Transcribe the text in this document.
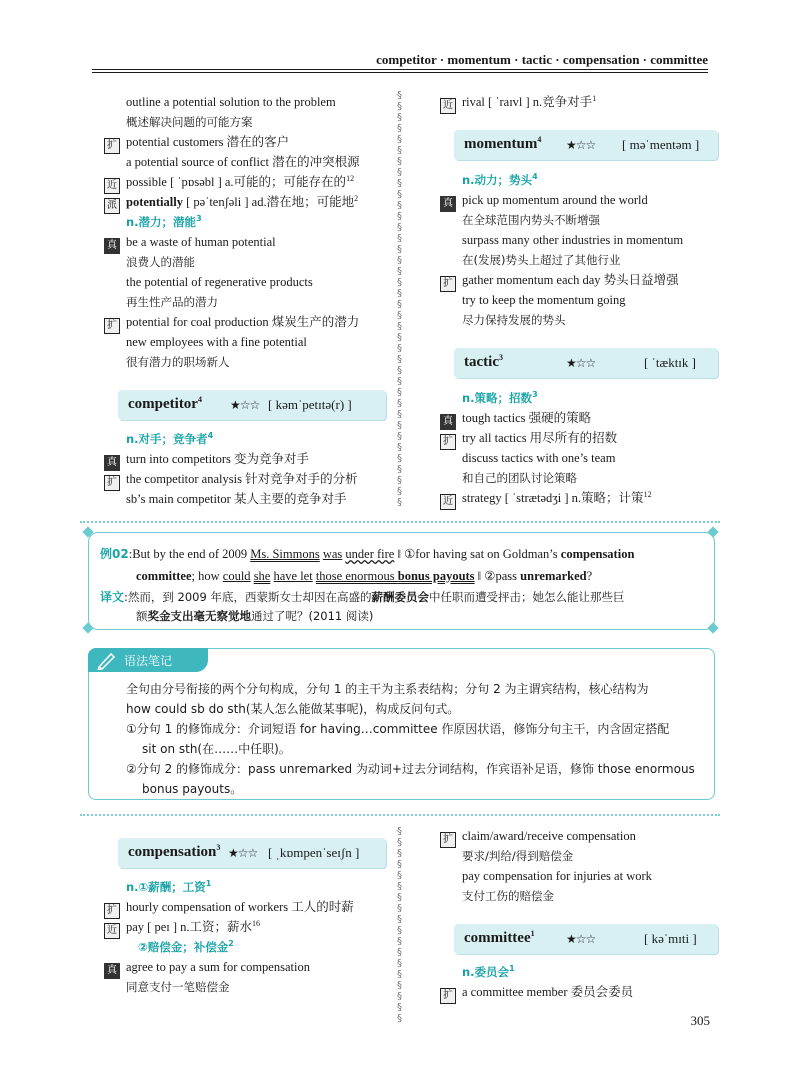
competitor · momentum · tactic · compensation · committee
§
§
§
§
§
§
§
§
§
§
§
§
§
§
§
§
§
§
§
§
§
§
§
§
§
§
§
§
§
§
§
§
§
§
§
§
§
§
§
§
§
§
§
§
§
§
§
§
§
§
§
§
§
§
§
§
outline a potential solution to the problem
概述解决问题的可能方案
扩 potential customers 潜在的客户
a potential source of conflict 潜在的冲突根源
近 possible [ ˈpɒsəbl ] a.可能的；可能存在的$^{12}$
派 potentially [ pəˈtenʃəli ] ad.潜在地；可能地$^2$
n.潜力；潜能$^3$
真 be a waste of human potential
浪费人的潜能
the potential of regenerative products
再生性产品的潜力
扩 potential for coal production 煤炭生产的潜力
new employees with a fine potential
很有潜力的职场新人
competitor$^4$ ★☆☆ [ kəmˈpetɪtə(r) ]
n.对手；竞争者$^4$
真 turn into competitors 变为竞争对手
扩 the competitor analysis 针对竞争对手的分析
sb’s main competitor 某人主要的竞争对手
近 rival [ ˈraɪvl ] n.竞争对手$^1$
momentum$^4$ ★☆☆ [ məˈmentəm ]
n.动力；势头$^4$
真 pick up momentum around the world
在全球范围内势头不断增强
surpass many other industries in momentum
在(发展)势头上超过了其他行业
扩 gather momentum each day 势头日益增强
try to keep the momentum going
尽力保持发展的势头
tactic$^3$	★☆☆	[ ˈtæktɪk ]
n.策略；招数$^3$
真 tough tactics 强硬的策略
扩 try all tactics 用尽所有的招数
discuss tactics with one’s team
和自己的团队讨论策略
近 strategy [ ˈstrætədʒi ] n.策略；计策$^{12}$
例02:But by the end of 2009 Ms. Simmons was under fire ‖ ①for having sat on Goldman’s compensation
committee; how could she have let those enormous bonus payouts ‖ ②pass unremarked?
译文:然而，到 2009 年底，西蒙斯女士却因在高盛的薪酬委员会中任职而遭受抨击；她怎么能让那些巨
额奖金支出毫无察觉地通过了呢？(2011 阅读)
语法笔记
全句由分号衔接的两个分句构成，分句 1 的主干为主系表结构；分句 2 为主谓宾结构，核心结构为
how could sb do sth(某人怎么能做某事呢)，构成反问句式。
①分句 1 的修饰成分：介词短语 for having…committee 作原因状语，修饰分句主干，内含固定搭配
sit on sth(在……中任职)。
②分句 2 的修饰成分：pass unremarked 为动词+过去分词结构，作宾语补足语，修饰 those enormous
bonus payouts。
compensation$^3$ ★☆☆ [ ˌkɒmpenˈseɪʃn ]
n.①薪酬；工资$^1$
扩 hourly compensation of workers 工人的时薪
近 pay [ peɪ ] n.工资；薪水$^{16}$
②赔偿金；补偿金$^2$
真 agree to pay a sum for compensation
同意支付一笔赔偿金
扩 claim/award/receive compensation
要求/判给/得到赔偿金
pay compensation for injuries at work
支付工伤的赔偿金
committee$^1$	★☆☆	[ kəˈmɪti ]
n.委员会$^1$
扩 a committee member 委员会委员
305
